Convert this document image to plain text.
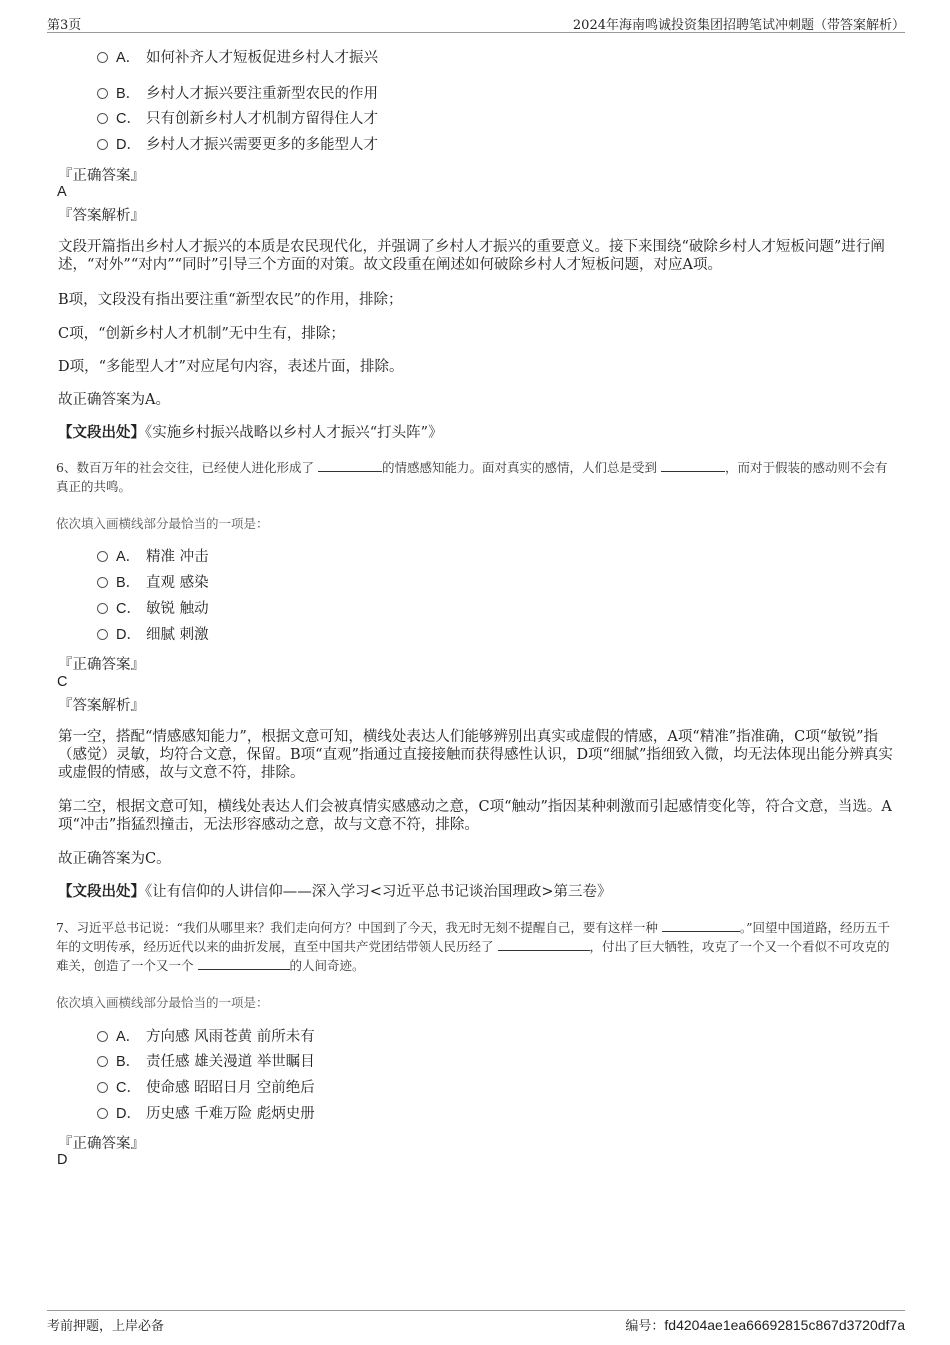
第3页	2024年海南鸣诚投资集团招聘笔试冲刺题（带答案解析）
A． 如何补齐人才短板促进乡村人才振兴
B． 乡村人才振兴要注重新型农民的作用
C． 只有创新乡村人才机制方留得住人才
D． 乡村人才振兴需要更多的多能型人才
『正确答案』
A
『答案解析』
文段开篇指出乡村人才振兴的本质是农民现代化，并强调了乡村人才振兴的重要意义。接下来围绕“破除乡村人才短板问题”进行阐述，“对外”“对内”“同时”引导三个方面的对策。故文段重在阐述如何破除乡村人才短板问题，对应A项。
B项，文段没有指出要注重“新型农民”的作用，排除；
C项，“创新乡村人才机制”无中生有，排除；
D项，“多能型人才”对应尾句内容，表述片面，排除。
故正确答案为A。
【文段出处】《实施乡村振兴战略以乡村人才振兴“打头阵”》
6、数百万年的社会交往，已经使人进化形成了	的情感感知能力。面对真实的感情，人们总是受到	，而对于假装的感动则不会有真正的共鸣。
依次填入画横线部分最恰当的一项是：
A． 精准 冲击
B． 直观 感染
C． 敏锐 触动
D． 细腻 刺激
『正确答案』
C
『答案解析』
第一空，搭配“情感感知能力”，根据文意可知，横线处表达人们能够辨别出真实或虚假的情感，A项“精准”指准确，C项“敏锐”指（感觉）灵敏，均符合文意，保留。B项“直观”指通过直接接触而获得感性认识，D项“细腻”指细致入微，均无法体现出能分辨真实或虚假的情感，故与文意不符，排除。
第二空，根据文意可知，横线处表达人们会被真情实感感动之意，C项“触动”指因某种刺激而引起感情变化等，符合文意，当选。A项“冲击”指猛烈撞击，无法形容感动之意，故与文意不符，排除。
故正确答案为C。
【文段出处】《让有信仰的人讲信仰——深入学习<习近平总书记谈治国理政>第三卷》
7、习近平总书记说：“我们从哪里来？我们走向何方？中国到了今天，我无时无刻不提醒自己，要有这样一种	。”回望中国道路，经历五千年的文明传承，经历近代以来的曲折发展，直至中国共产党团结带领人民历经了	，付出了巨大牺牲，攻克了一个又一个看似不可攻克的难关，创造了一个又一个	的人间奇迹。
依次填入画横线部分最恰当的一项是：
A． 方向感 风雨苍黄 前所未有
B． 责任感 雄关漫道 举世瞩目
C． 使命感 昭昭日月 空前绝后
D． 历史感 千难万险 彪炳史册
『正确答案』
D
考前押题，上岸必备	编号：fd4204ae1ea66692815c867d3720df7a
